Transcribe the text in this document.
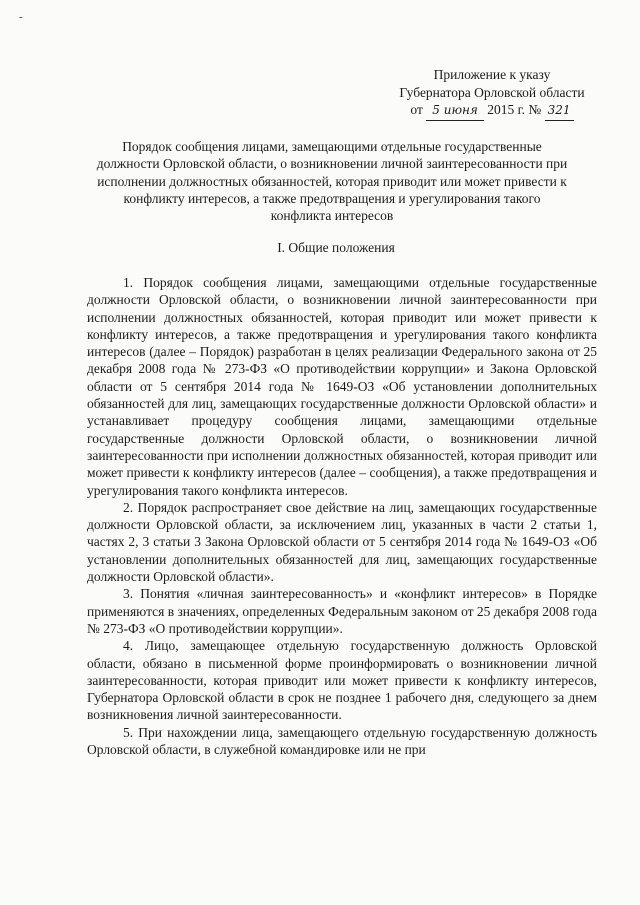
-
Приложение к указу
Губернатора Орловской области
от 5 июня 2015 г. № 321
Порядок сообщения лицами, замещающими отдельные государственные должности Орловской области, о возникновении личной заинтересованности при исполнении должностных обязанностей, которая приводит или может привести к конфликту интересов, а также предотвращения и урегулирования такого конфликта интересов
I. Общие положения

1. Порядок сообщения лицами, замещающими отдельные государственные должности Орловской области, о возникновении личной заинтересованности при исполнении должностных обязанностей, которая приводит или может привести к конфликту интересов, а также предотвращения и урегулирования такого конфликта интересов (далее – Порядок) разработан в целях реализации Федерального закона от 25 декабря 2008 года № 273-ФЗ «О противодействии коррупции» и Закона Орловской области от 5 сентября 2014 года № 1649-ОЗ «Об установлении дополнительных обязанностей для лиц, замещающих государственные должности Орловской области» и устанавливает процедуру сообщения лицами, замещающими отдельные государственные должности Орловской области, о возникновении личной заинтересованности при исполнении должностных обязанностей, которая приводит или может привести к конфликту интересов (далее – сообщения), а также предотвращения и урегулирования такого конфликта интересов.

2. Порядок распространяет свое действие на лиц, замещающих государственные должности Орловской области, за исключением лиц, указанных в части 2 статьи 1, частях 2, 3 статьи 3 Закона Орловской области от 5 сентября 2014 года № 1649-ОЗ «Об установлении дополнительных обязанностей для лиц, замещающих государственные должности Орловской области».

3. Понятия «личная заинтересованность» и «конфликт интересов» в Порядке применяются в значениях, определенных Федеральным законом от 25 декабря 2008 года № 273-ФЗ «О противодействии коррупции».

4. Лицо, замещающее отдельную государственную должность Орловской области, обязано в письменной форме проинформировать о возникновении личной заинтересованности, которая приводит или может привести к конфликту интересов, Губернатора Орловской области в срок не позднее 1 рабочего дня, следующего за днем возникновения личной заинтересованности.

5. При нахождении лица, замещающего отдельную государственную должность Орловской области, в служебной командировке или не при
